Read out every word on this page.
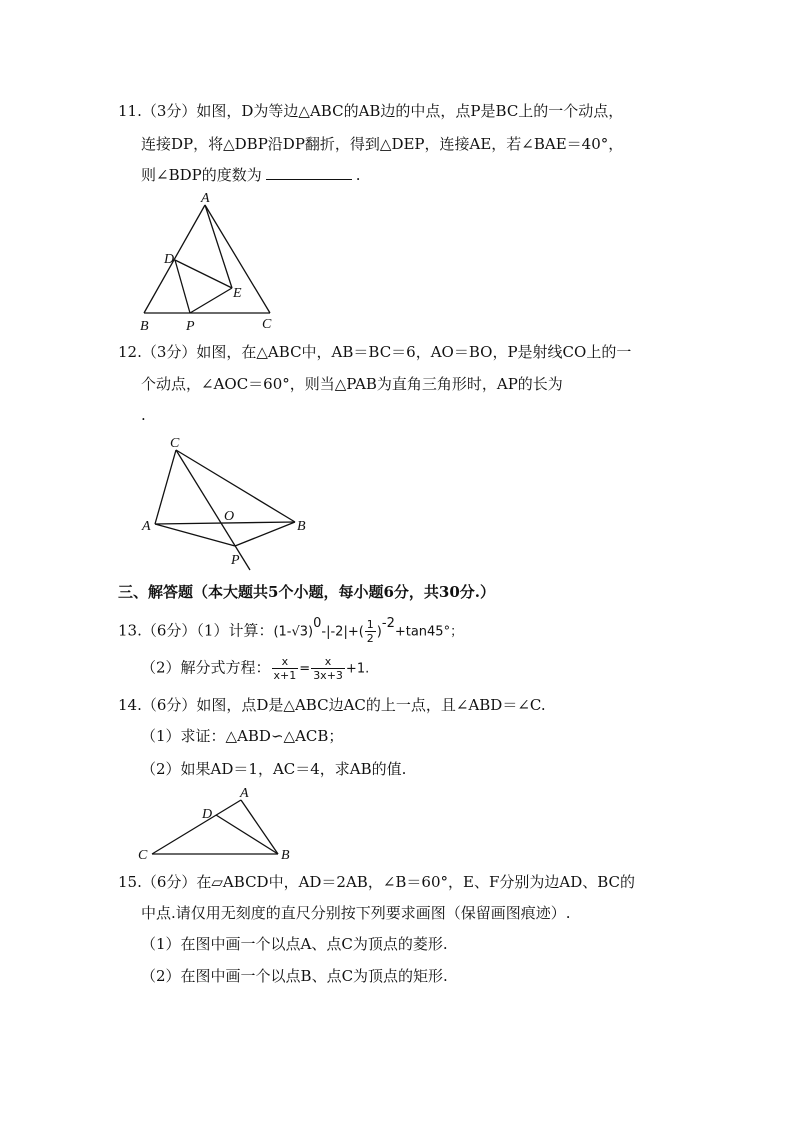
11.（3分）如图，D为等边△ABC的AB边的中点，点P是BC上的一个动点，
连接DP，将△DBP沿DP翻折，得到△DEP，连接AE，若∠BAE＝40°，
则∠BDP的度数为	.
A
D
E
B	P	C
12.（3分）如图，在△ABC中，AB＝BC＝6，AO＝BO，P是射线CO上的一
个动点，∠AOC＝60°，则当△PAB为直角三角形时，AP的长为
.
C
A
O
B
P
三、解答题（本大题共5个小题，每小题6分，共30分.）
13.（6分）（1）计算：$(1-√3)0-|-2|+( \frac{1}{2} )-2+\tan 45^\circ$；
（2）解分式方程： $\frac{x}{x+1} = \frac{x}{3x+3} +1$.
14.（6分）如图，点D是△ABC边AC的上一点，且∠ABD＝∠C.
（1）求证：△ABD∽△ACB；
（2）如果AD＝1，AC＝4，求AB的值.
A
D
C	B
15.（6分）在▱ABCD中，AD＝2AB，∠B＝60°，E、F分别为边AD、BC的
中点.请仅用无刻度的直尺分别按下列要求画图（保留画图痕迹）.
（1）在图中画一个以点A、点C为顶点的菱形.
（2）在图中画一个以点B、点C为顶点的矩形.
